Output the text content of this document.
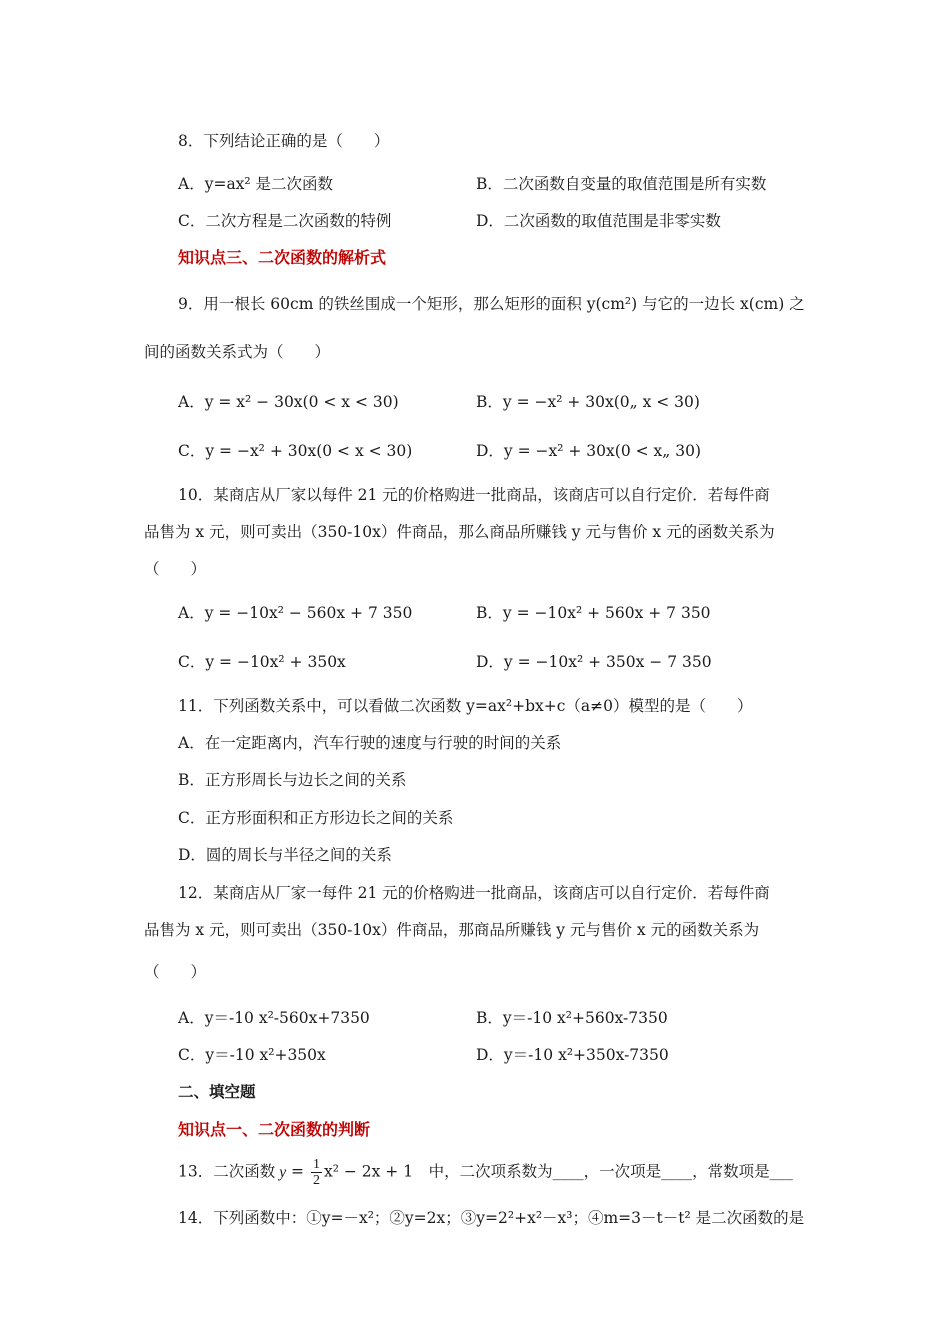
8．下列结论正确的是（　　）
A．y=ax² 是二次函数	B．二次函数自变量的取值范围是所有实数
C．二次方程是二次函数的特例	D．二次函数的取值范围是非零实数
知识点三、二次函数的解析式
9．用一根长 60cm 的铁丝围成一个矩形，那么矩形的面积 y(cm²) 与它的一边长 x(cm) 之
间的函数关系式为（　　）
A．y = x² − 30x(0 < x < 30)	B．y = −x² + 30x(0„ x < 30)
C．y = −x² + 30x(0 < x < 30)	D．y = −x² + 30x(0 < x„ 30)
10．某商店从厂家以每件 21 元的价格购进一批商品，该商店可以自行定价．若每件商
品售为 x 元，则可卖出（350-10x）件商品，那么商品所赚钱 y 元与售价 x 元的函数关系为
（　　）
A．y = −10x² − 560x + 7 350	B．y = −10x² + 560x + 7 350
C．y = −10x² + 350x	D．y = −10x² + 350x − 7 350
11．下列函数关系中，可以看做二次函数 y=ax²+bx+c（a≠0）模型的是（　　）
A．在一定距离内，汽车行驶的速度与行驶的时间的关系
B．正方形周长与边长之间的关系
C．正方形面积和正方形边长之间的关系
D．圆的周长与半径之间的关系
12．某商店从厂家一每件 21 元的价格购进一批商品，该商店可以自行定价．若每件商
品售为 x 元，则可卖出（350-10x）件商品，那商品所赚钱 y 元与售价 x 元的函数关系为
（　　）
A．y＝-10 x²-560x+7350	B．y＝-10 x²+560x-7350
C．y＝-10 x²+350x	D．y＝-10 x²+350x-7350
二、填空题
知识点一、二次函数的判断
13．二次函数 $y = \frac{1}{2} x^2 - 2x + 1$　中，二次项系数为____，一次项是____，常数项是___
14．下列函数中：①y=－x²；②y=2x；③y=2²+x²－x³；④m=3－t－t² 是二次函数的是
